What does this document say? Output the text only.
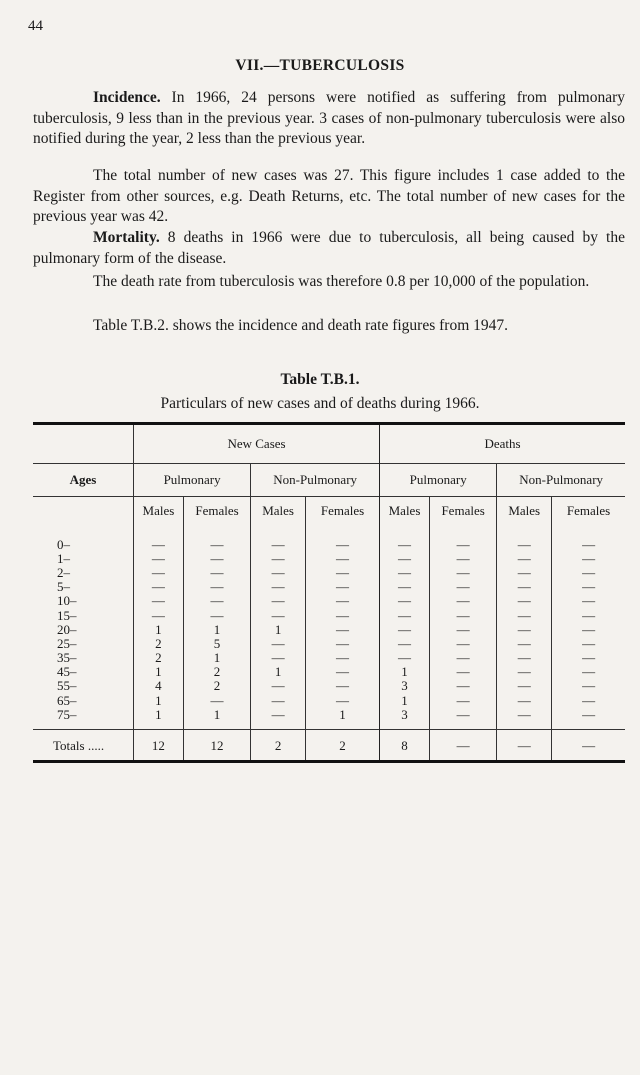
44
VII.—TUBERCULOSIS
Incidence. In 1966, 24 persons were notified as suffering from pulmonary tuberculosis, 9 less than in the previous year. 3 cases of non-pulmonary tuberculosis were also notified during the year, 2 less than the previous year.
The total number of new cases was 27. This figure includes 1 case added to the Register from other sources, e.g. Death Returns, etc. The total number of new cases for the previous year was 42.
Mortality. 8 deaths in 1966 were due to tuberculosis, all being caused by the pulmonary form of the disease.
The death rate from tuberculosis was therefore 0.8 per 10,000 of the population.
Table T.B.2. shows the incidence and death rate figures from 1947.
Table T.B.1.
Particulars of new cases and of deaths during 1966.
	New Cases				Deaths			
Ages	Pulmonary		Non-Pulmonary		Pulmonary		Non-Pulmonary	
	Males	Females	Males	Females	Males	Females	Males	Females
0–	—	—	—	—	—	—	—	—
1–	—	—	—	—	—	—	—	—
2–	—	—	—	—	—	—	—	—
5–	—	—	—	—	—	—	—	—
10–	—	—	—	—	—	—	—	—
15–	—	—	—	—	—	—	—	—
20–	1	1	1	—	—	—	—	—
25–	2	5	—	—	—	—	—	—
35–	2	1	—	—	—	—	—	—
45–	1	2	1	—	1	—	—	—
55–	4	2	—	—	3	—	—	—
65–	1	—	—	—	1	—	—	—
75–	1	1	—	1	3	—	—	—
Totals .....	12	12	2	2	8	—	—	—
